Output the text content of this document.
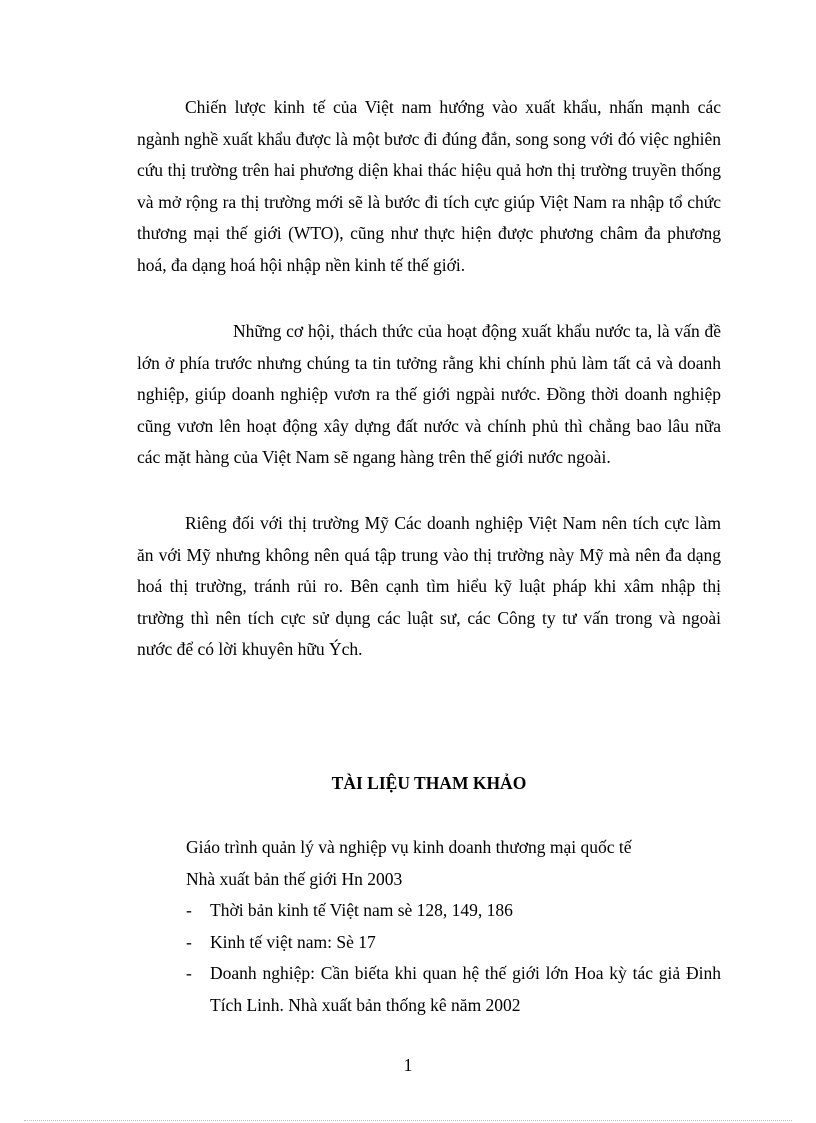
Chiến lược kinh tế của Việt nam hướng vào xuất khẩu, nhấn mạnh các ngành nghề xuất khẩu được là một bươc đi đúng đắn, song song với đó việc nghiên cứu thị trường trên hai phương diện khai thác hiệu quả hơn thị trường truyền thống và mở rộng ra thị trường mới sẽ là bước đi tích cực giúp Việt Nam ra nhập tổ chức thương mại thế giới (WTO), cũng như thực hiện được phương châm đa phương hoá, đa dạng hoá hội nhập nền kinh tế thế giới.

Những cơ hội, thách thức của hoạt động xuất khẩu nước ta, là vấn đề lớn ở phía trước nhưng chúng ta tin tưởng rằng khi chính phủ làm tất cả và doanh nghiệp, giúp doanh nghiệp vươn ra thế giới ngpài nước. Đồng thời doanh nghiệp cũng vươn lên hoạt động xây dựng đất nước và chính phủ thì chẳng bao lâu nữa các mặt hàng của Việt Nam sẽ ngang hàng trên thế giới nước ngoài.

Riêng đối với thị trường Mỹ Các doanh nghiệp Việt Nam nên tích cực làm ăn với Mỹ nhưng không nên quá tập trung vào thị trường này Mỹ mà nên đa dạng hoá thị trường, tránh rủi ro. Bên cạnh tìm hiểu kỹ luật pháp khi xâm nhập thị trường thì nên tích cực sử dụng các luật sư, các Công ty tư vấn trong và ngoài nước để có lời khuyên hữu Ých.

TÀI LIỆU THAM KHẢO
Giáo trình quản lý và nghiệp vụ kinh doanh thương mại quốc tế
Nhà xuất bản thế giới Hn 2003
- Thời bản kinh tế Việt nam sè 128, 149, 186
- Kinh tế việt nam: Sè 17
- Doanh nghiệp: Cần biếta khi quan hệ thế giới lớn Hoa kỳ tác giả Đinh Tích Linh. Nhà xuất bản thống kê năm 2002
1
